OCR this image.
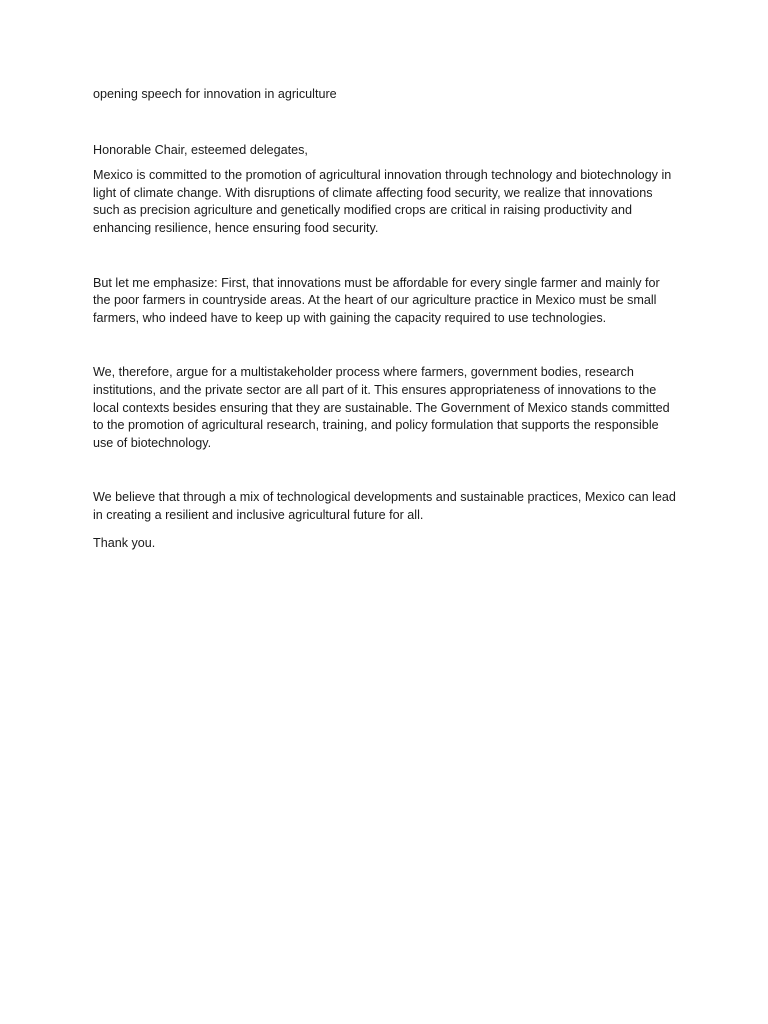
opening speech for innovation in agriculture

Honorable Chair, esteemed delegates,

Mexico is committed to the promotion of agricultural innovation through technology and biotechnology in light of climate change. With disruptions of climate affecting food security, we realize that innovations such as precision agriculture and genetically modified crops are critical in raising productivity and enhancing resilience, hence ensuring food security.

But let me emphasize: First, that innovations must be affordable for every single farmer and mainly for the poor farmers in countryside areas. At the heart of our agriculture practice in Mexico must be small farmers, who indeed have to keep up with gaining the capacity required to use technologies.

We, therefore, argue for a multistakeholder process where farmers, government bodies, research institutions, and the private sector are all part of it. This ensures appropriateness of innovations to the local contexts besides ensuring that they are sustainable. The Government of Mexico stands committed to the promotion of agricultural research, training, and policy formulation that supports the responsible use of biotechnology.

We believe that through a mix of technological developments and sustainable practices, Mexico can lead in creating a resilient and inclusive agricultural future for all.

Thank you.
